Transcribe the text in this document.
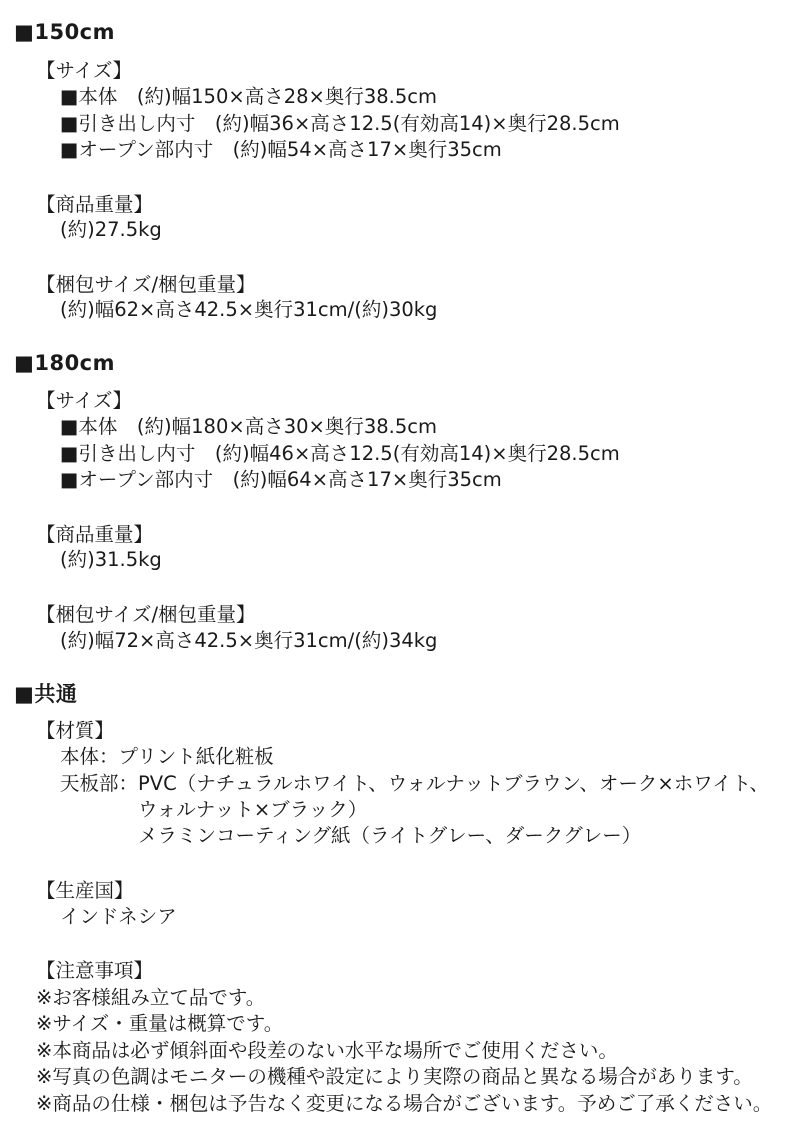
■150cm
【サイズ】
■本体　(約)幅150×高さ28×奥行38.5cm
■引き出し内寸　(約)幅36×高さ12.5(有効高14)×奥行28.5cm
■オープン部内寸　(約)幅54×高さ17×奥行35cm
【商品重量】
(約)27.5kg
【梱包サイズ/梱包重量】
(約)幅62×高さ42.5×奥行31cm/(約)30kg
■180cm
【サイズ】
■本体　(約)幅180×高さ30×奥行38.5cm
■引き出し内寸　(約)幅46×高さ12.5(有効高14)×奥行28.5cm
■オープン部内寸　(約)幅64×高さ17×奥行35cm
【商品重量】
(約)31.5kg
【梱包サイズ/梱包重量】
(約)幅72×高さ42.5×奥行31cm/(約)34kg
■共通
【材質】
本体：プリント紙化粧板
天板部：PVC（ナチュラルホワイト、ウォルナットブラウン、オーク×ホワイト、
ウォルナット×ブラック）
メラミンコーティング紙（ライトグレー、ダークグレー）
【生産国】
インドネシア
【注意事項】
※お客様組み立て品です。
※サイズ・重量は概算です。
※本商品は必ず傾斜面や段差のない水平な場所でご使用ください。
※写真の色調はモニターの機種や設定により実際の商品と異なる場合があります。
※商品の仕様・梱包は予告なく変更になる場合がございます。予めご了承ください。
